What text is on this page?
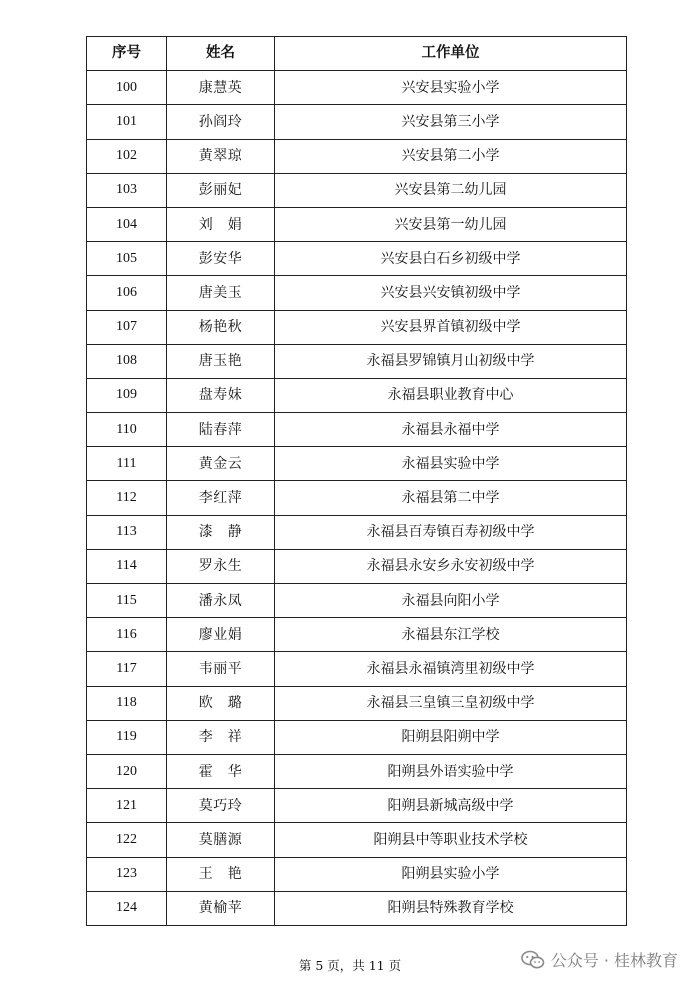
序号	姓名	工作单位
100	康慧英	兴安县实验小学
101	孙阎玲	兴安县第三小学
102	黄翠琼	兴安县第二小学
103	彭丽妃	兴安县第二幼儿园
104	刘　娟	兴安县第一幼儿园
105	彭安华	兴安县白石乡初级中学
106	唐美玉	兴安县兴安镇初级中学
107	杨艳秋	兴安县界首镇初级中学
108	唐玉艳	永福县罗锦镇月山初级中学
109	盘寿妹	永福县职业教育中心
110	陆春萍	永福县永福中学
111	黄金云	永福县实验中学
112	李红萍	永福县第二中学
113	漆　静	永福县百寿镇百寿初级中学
114	罗永生	永福县永安乡永安初级中学
115	潘永凤	永福县向阳小学
116	廖业娟	永福县东江学校
117	韦丽平	永福县永福镇湾里初级中学
118	欧　璐	永福县三皇镇三皇初级中学
119	李　祥	阳朔县阳朔中学
120	霍　华	阳朔县外语实验中学
121	莫巧玲	阳朔县新城高级中学
122	莫膳源	阳朔县中等职业技术学校
123	王　艳	阳朔县实验小学
124	黄榆苹	阳朔县特殊教育学校
第 5 页，共 11 页	公众号 · 桂林教育
